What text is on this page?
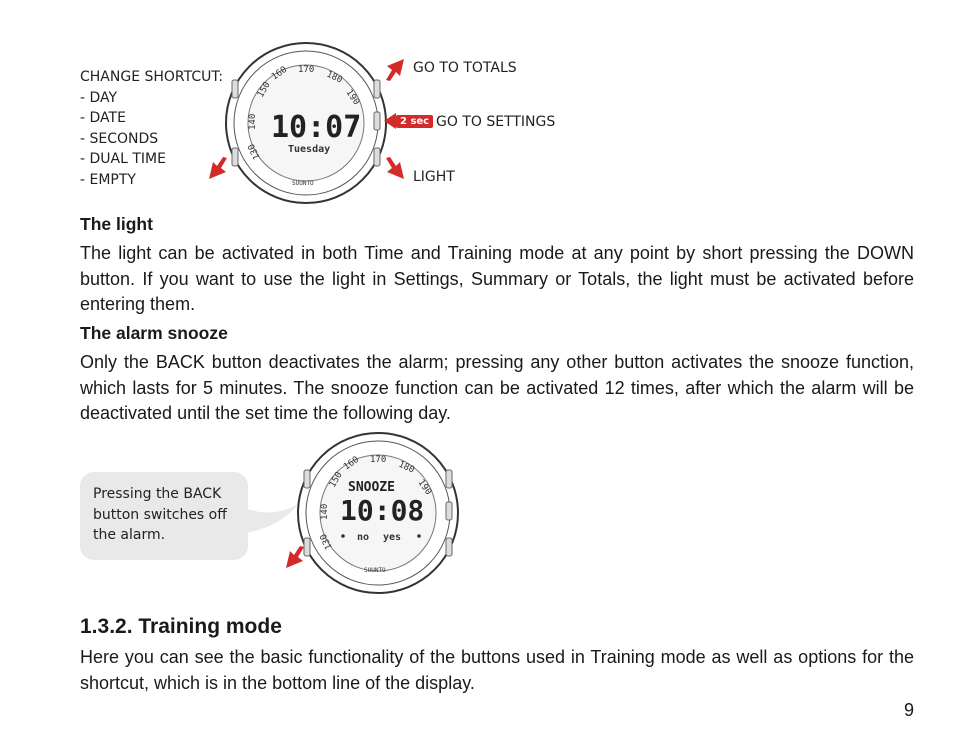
CHANGE SHORTCUT:
- DAY
- DATE
- SECONDS
- DUAL TIME
- EMPTY
GO TO TOTALS
2 sec GO TO SETTINGS
LIGHT
150
160 170 180
190
140
130
10:07
Tuesday
SUUNTO
The light
The light can be activated in both Time and Training mode at any point by short pressing the DOWN button. If you want to use the light in Settings, Summary or Totals, the light must be activated before entering them.
The alarm snooze
Only the BACK button deactivates the alarm; pressing any other button activates the snooze function, which lasts for 5 minutes. The snooze function can be activated 12 times, after which the alarm will be deactivated until the set time the following day.
Pressing the BACK button switches off the alarm.
150
160 170 180
190
140
130
SNOOZE
10:08
no yes
SUUNTO
1.3.2. Training mode
Here you can see the basic functionality of the buttons used in Training mode as well as options for the shortcut, which is in the bottom line of the display.
9
